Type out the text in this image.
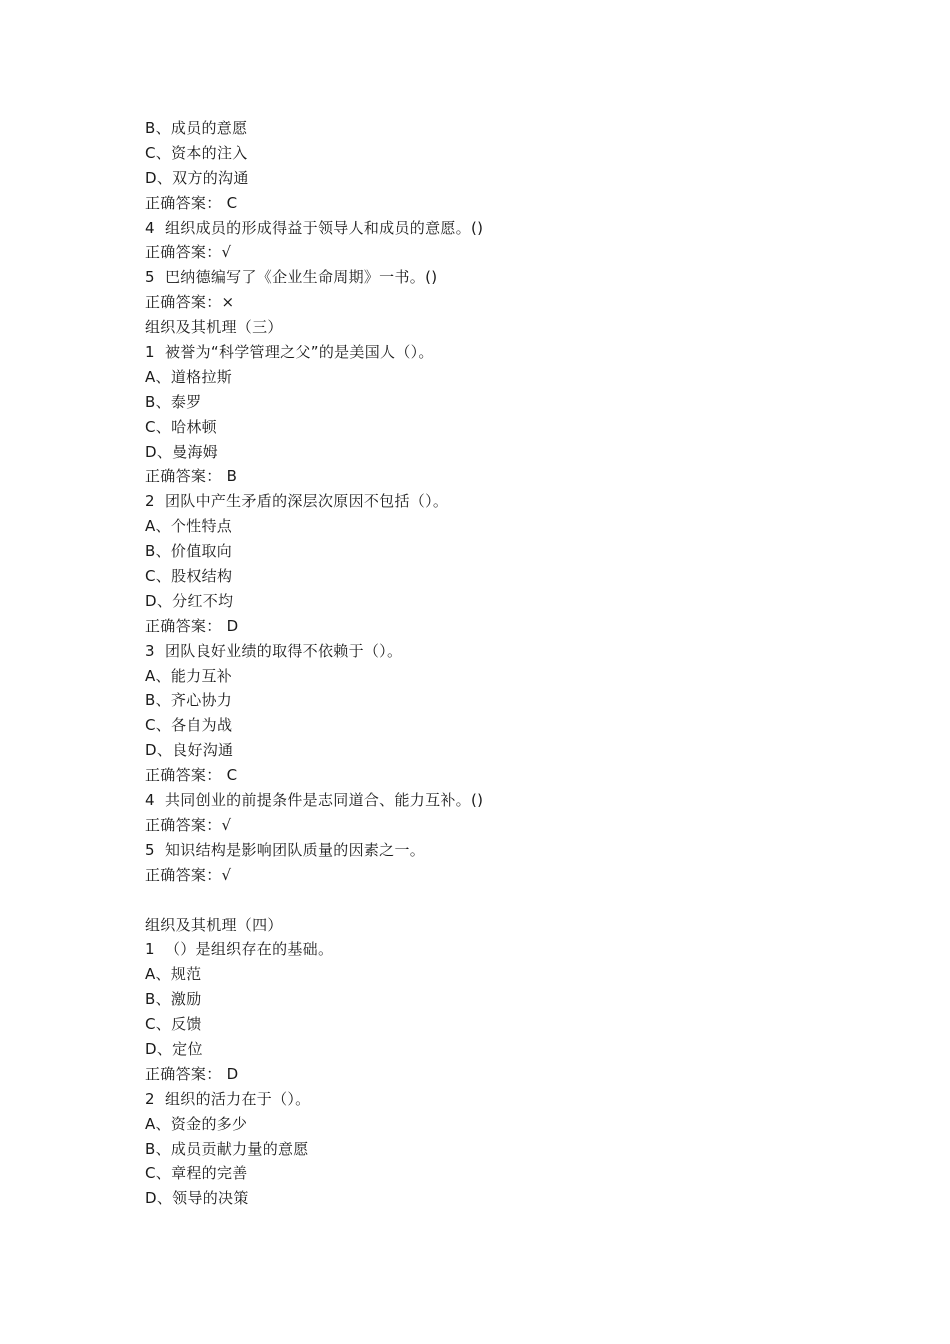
B、成员的意愿
C、资本的注入
D、双方的沟通
正确答案： C
4  组织成员的形成得益于领导人和成员的意愿。()
正确答案：√
5  巴纳德编写了《企业生命周期》一书。()
正确答案：×
组织及其机理（三）
1  被誉为“科学管理之父”的是美国人（）。
A、道格拉斯
B、泰罗
C、哈林顿
D、曼海姆
正确答案： B
2  团队中产生矛盾的深层次原因不包括（）。
A、个性特点
B、价值取向
C、股权结构
D、分红不均
正确答案： D
3  团队良好业绩的取得不依赖于（）。
A、能力互补
B、齐心协力
C、各自为战
D、良好沟通
正确答案： C
4  共同创业的前提条件是志同道合、能力互补。()
正确答案：√
5  知识结构是影响团队质量的因素之一。
正确答案：√
组织及其机理（四）
1  （）是组织存在的基础。
A、规范
B、激励
C、反馈
D、定位
正确答案： D
2  组织的活力在于（）。
A、资金的多少
B、成员贡献力量的意愿
C、章程的完善
D、领导的决策
